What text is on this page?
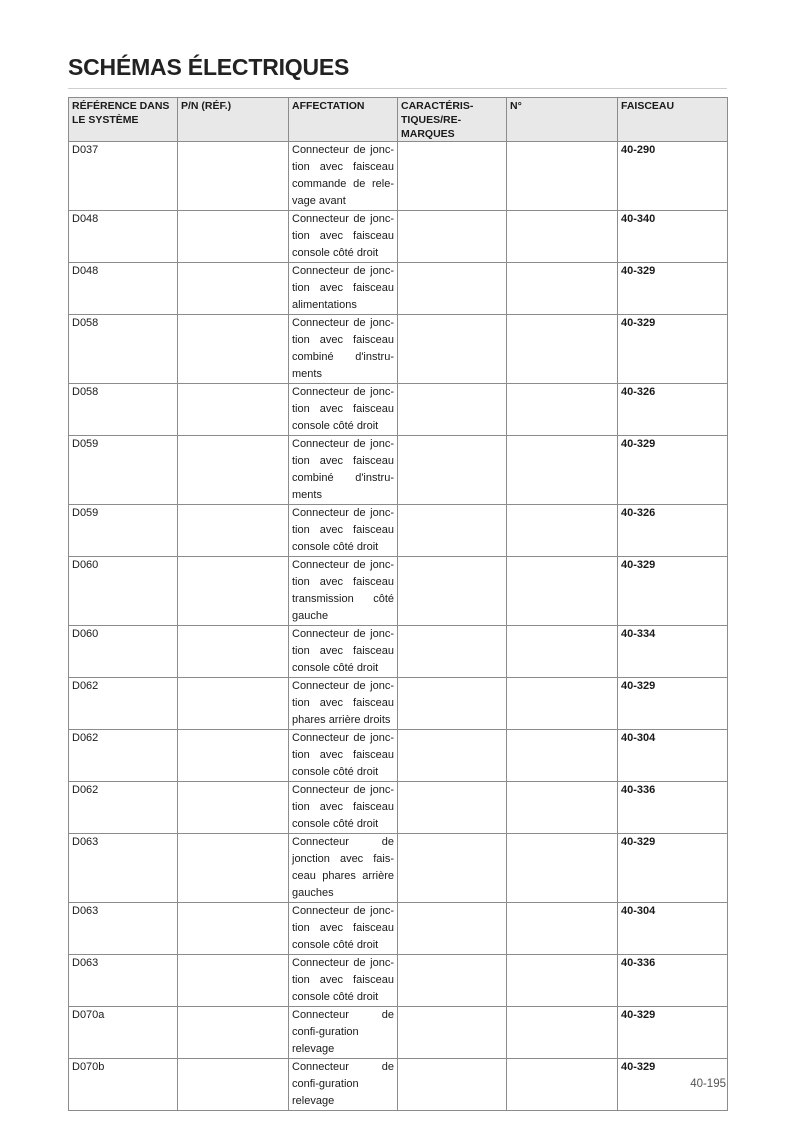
SCHÉMAS ÉLECTRIQUES
RÉFÉRENCE DANS LE SYSTÈME	P/N (RÉF.)	AFFECTATION	CARACTÉRIS-TIQUES/RE-MARQUES	N°	FAISCEAU
D037		Connecteur de jonc-tion avec faisceau commande de rele-vage avant			40-290
D048		Connecteur de jonc-tion avec faisceau console côté droit			40-340
D048		Connecteur de jonc-tion avec faisceau alimentations			40-329
D058		Connecteur de jonc-tion avec faisceau combiné d'instru-ments			40-329
D058		Connecteur de jonc-tion avec faisceau console côté droit			40-326
D059		Connecteur de jonc-tion avec faisceau combiné d'instru-ments			40-329
D059		Connecteur de jonc-tion avec faisceau console côté droit			40-326
D060		Connecteur de jonc-tion avec faisceau transmission côté gauche			40-329
D060		Connecteur de jonc-tion avec faisceau console côté droit			40-334
D062		Connecteur de jonc-tion avec faisceau phares arrière droits			40-329
D062		Connecteur de jonc-tion avec faisceau console côté droit			40-304
D062		Connecteur de jonc-tion avec faisceau console côté droit			40-336
D063		Connecteur de jonction avec fais-ceau phares arrière gauches			40-329
D063		Connecteur de jonc-tion avec faisceau console côté droit			40-304
D063		Connecteur de jonc-tion avec faisceau console côté droit			40-336
D070a		Connecteur de confi-guration relevage			40-329
D070b		Connecteur de confi-guration relevage			40-329
40-195
